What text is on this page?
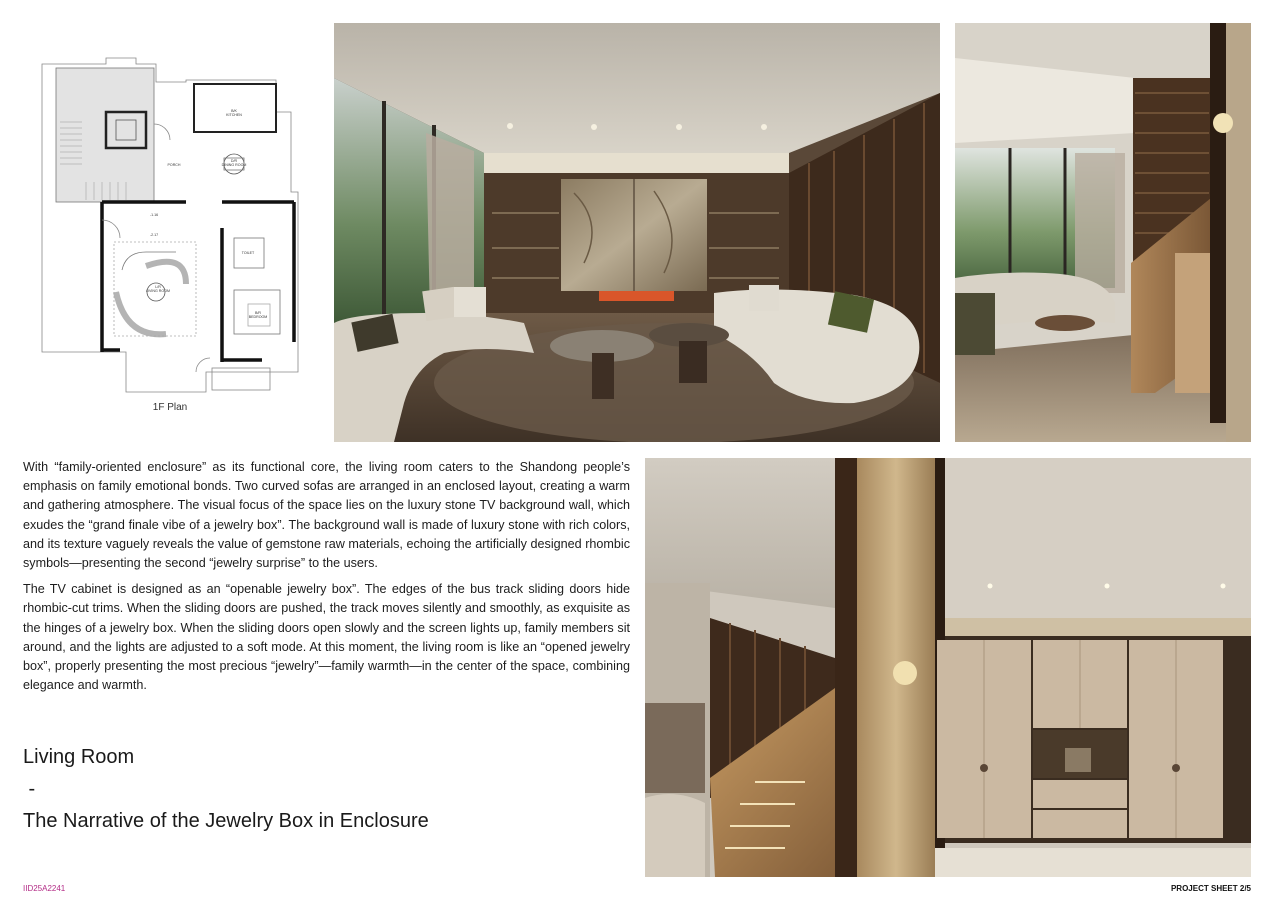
B/K
KITCHEN
D/R
DINING ROOM
L/R
LIVING ROOM
B/R
BEDROOM
TOILET
PORCH
-1.16
-2.17
1F Plan

With “family-oriented enclosure” as its functional core, the living room caters to the Shandong people’s emphasis on family emotional bonds. Two curved sofas are arranged in an enclosed layout, creating a warm and gathering atmosphere. The visual focus of the space lies on the luxury stone TV background wall, which exudes the “grand finale vibe of a jewelry box”. The background wall is made of luxury stone with rich colors, and its texture vaguely reveals the value of gemstone raw materials, echoing the artificially designed rhombic symbols—presenting the second “jewelry surprise” to the users.

The TV cabinet is designed as an “openable jewelry box”. The edges of the bus track sliding doors hide rhombic-cut trims. When the sliding doors are pushed, the track moves silently and smoothly, as exquisite as the hinges of a jewelry box. When the sliding doors open slowly and the screen lights up, family members sit around, and the lights are adjusted to a soft mode. At this moment, the living room is like an “opened jewelry box”, properly presenting the most precious “jewelry”—family warmth—in the center of the space, combining elegance and warmth.

Living Room
-
The Narrative of the Jewelry Box in Enclosure
IID25A2241	PROJECT SHEET 2/5
